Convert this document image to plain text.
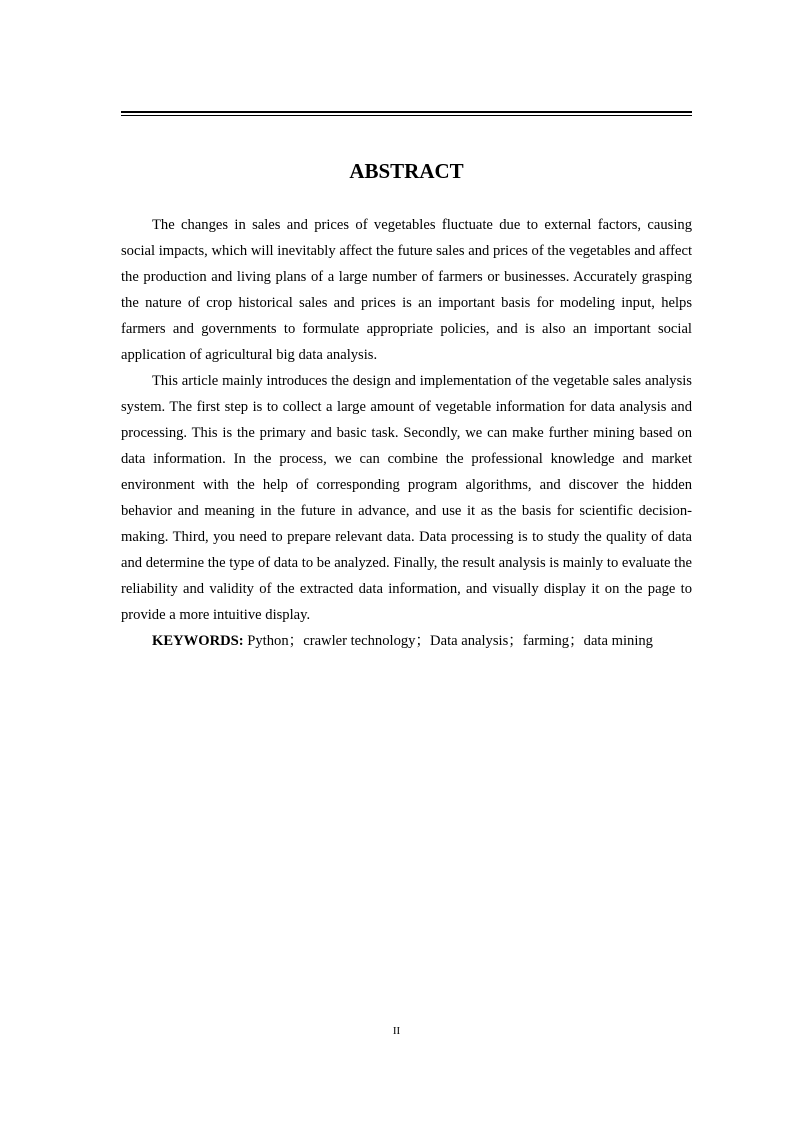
ABSTRACT

The changes in sales and prices of vegetables fluctuate due to external factors, causing social impacts, which will inevitably affect the future sales and prices of the vegetables and affect the production and living plans of a large number of farmers or businesses. Accurately grasping the nature of crop historical sales and prices is an important basis for modeling input, helps farmers and governments to formulate appropriate policies, and is also an important social application of agricultural big data analysis.

This article mainly introduces the design and implementation of the vegetable sales analysis system. The first step is to collect a large amount of vegetable information for data analysis and processing. This is the primary and basic task. Secondly, we can make further mining based on data information. In the process, we can combine the professional knowledge and market environment with the help of corresponding program algorithms, and discover the hidden behavior and meaning in the future in advance, and use it as the basis for scientific decision-making. Third, you need to prepare relevant data. Data processing is to study the quality of data and determine the type of data to be analyzed. Finally, the result analysis is mainly to evaluate the reliability and validity of the extracted data information, and visually display it on the page to provide a more intuitive display.

KEYWORDS: Python；crawler technology；Data analysis；farming；data mining

II
